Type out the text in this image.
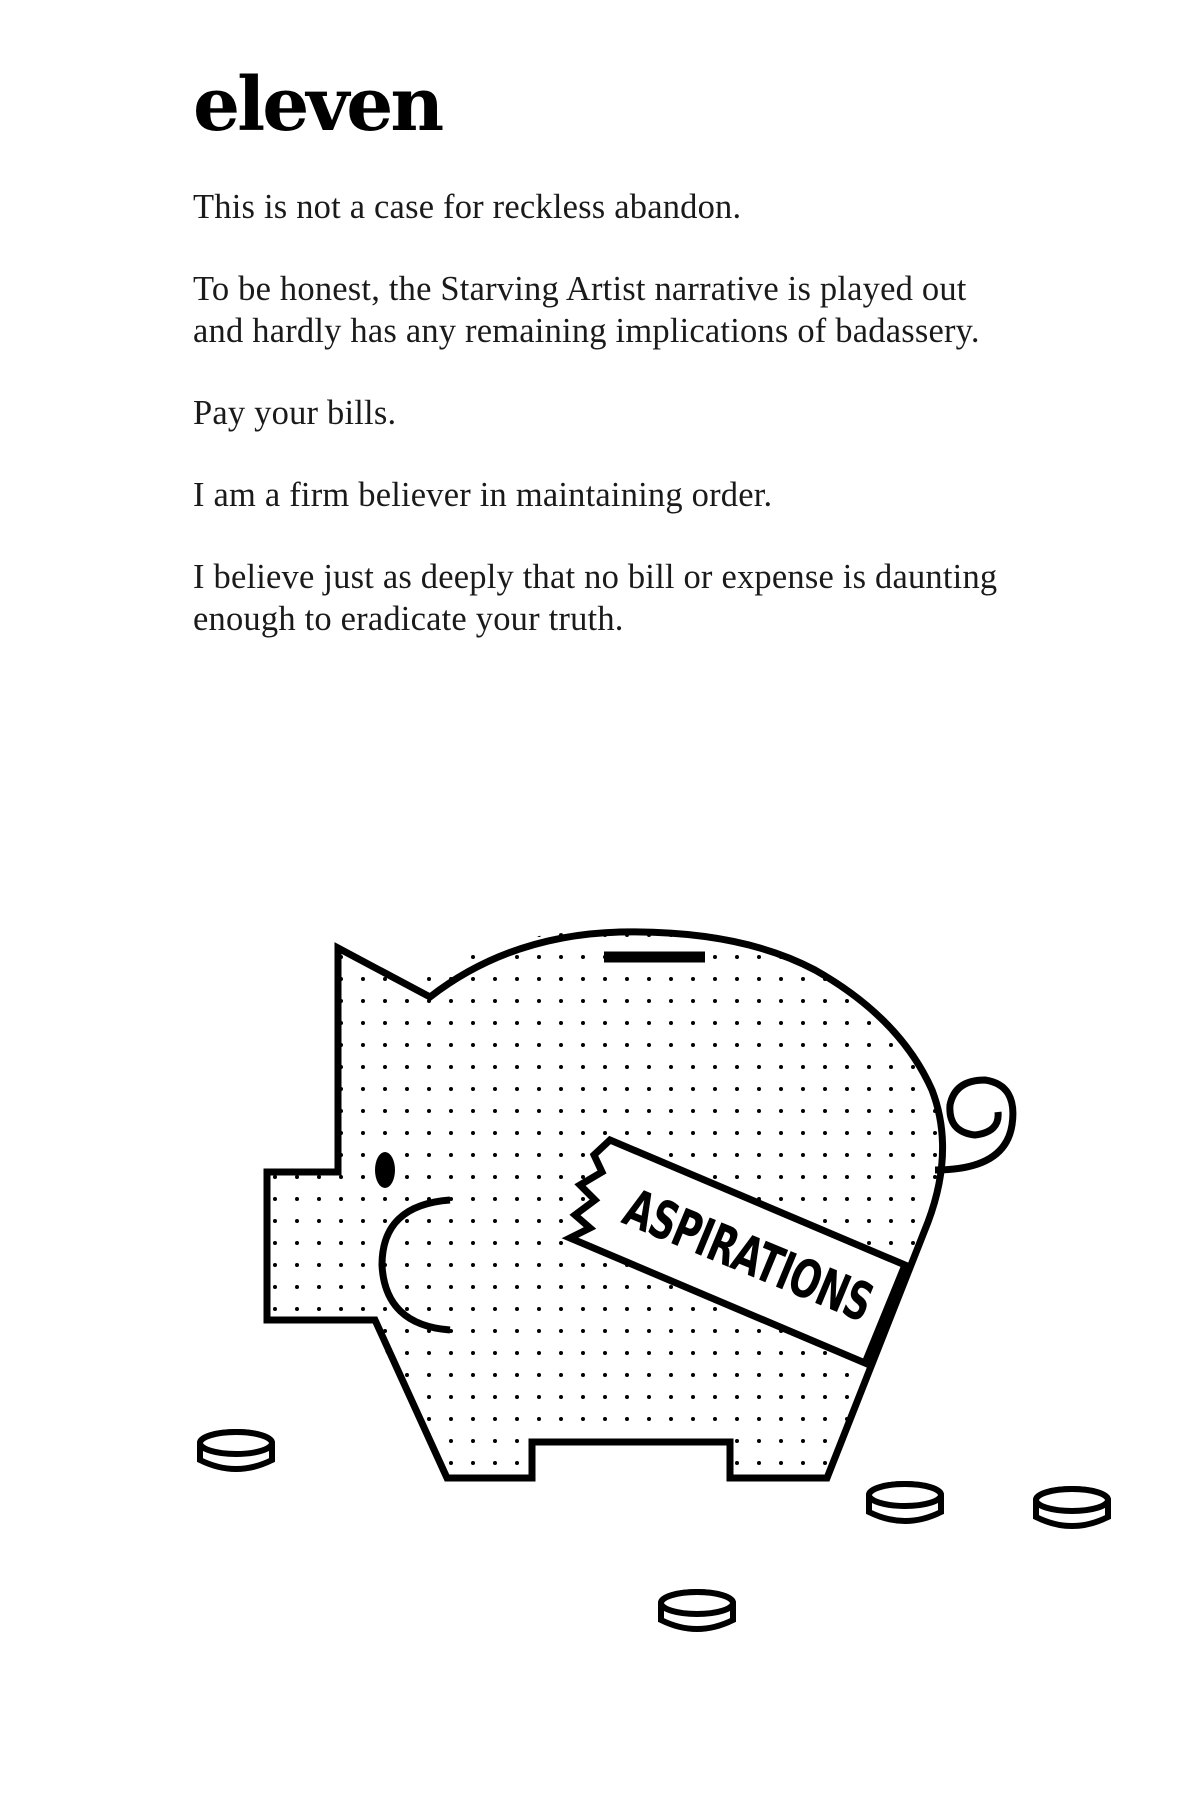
eleven

This is not a case for reckless abandon.

To be honest, the Starving Artist narrative is played out
and hardly has any remaining implications of badassery.

Pay your bills.

I am a firm believer in maintaining order.

I believe just as deeply that no bill or expense is daunting
enough to eradicate your truth.

ASPIRATIONS
